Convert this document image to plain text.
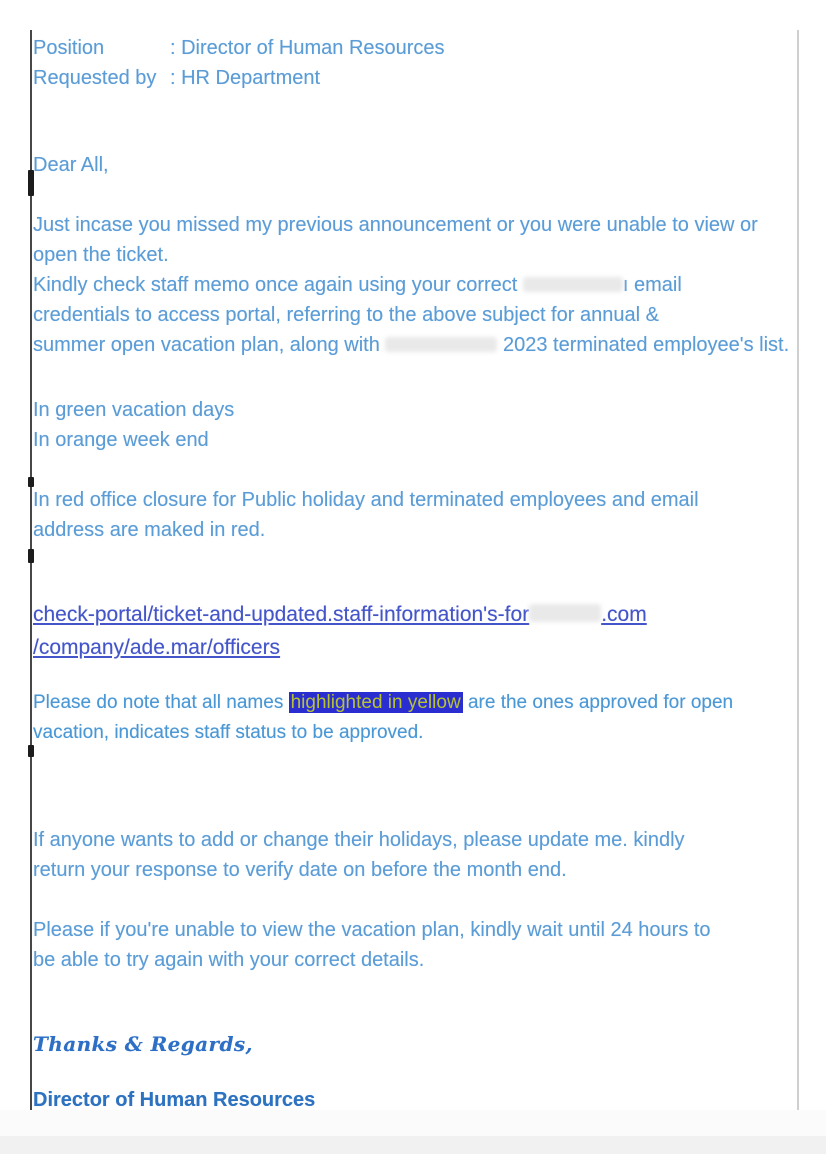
Position	: Director of Human Resources
Requested by : HR Department
Dear All,
Just incase you missed my previous announcement or you were unable to view or
open the ticket.
Kindly check staff memo once again using your correct	ı email
credentials to access portal, referring to the above subject for annual &
summer open vacation plan, along with	2023 terminated employee's list.
In green vacation days
In orange week end
In red office closure for Public holiday and terminated employees and email
address are maked in red.
check-portal/ticket-and-updated.staff-information's-for	.com
/company/ade.mar/officers
Please do note that all names highlighted in yellow are the ones approved for open
vacation, indicates staff status to be approved.
If anyone wants to add or change their holidays, please update me. kindly
return your response to verify date on before the month end.
Please if you're unable to view the vacation plan, kindly wait until 24 hours to
be able to try again with your correct details.
Thanks & Regards,
Director of Human Resources
